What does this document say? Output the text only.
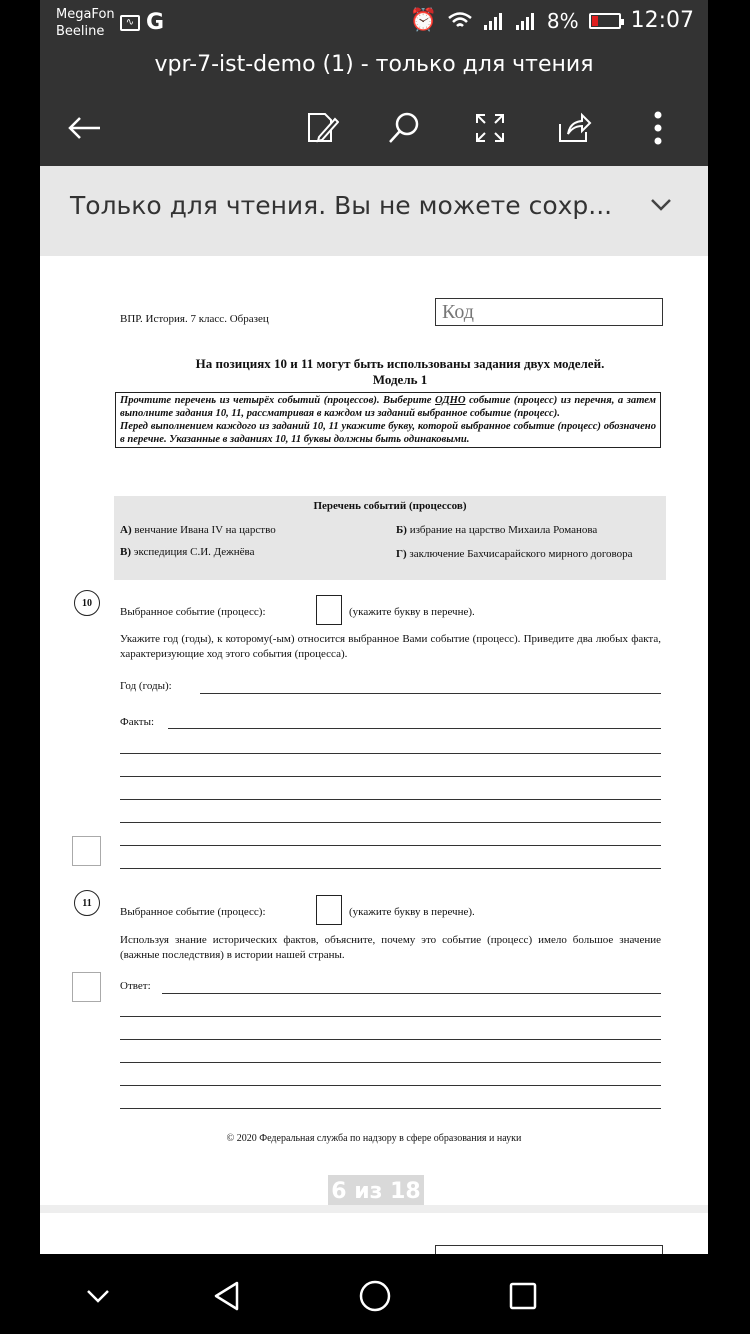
MegaFon
Beeline
∿ G	⏰	8% 12:07
vpr-7-ist-demo (1) - только для чтения
Только для чтения. Вы не можете сохр...
ВПР. История. 7 класс. Образец	Код
На позициях 10 и 11 могут быть использованы задания двух моделей.
Модель 1
Прочтите перечень из четырёх событий (процессов). Выберите ОДНО событие (процесс) из перечня, а затем выполните задания 10, 11, рассматривая в каждом из заданий выбранное событие (процесс).
Перед выполнением каждого из заданий 10, 11 укажите букву, которой выбранное событие (процесс) обозначено в перечне. Указанные в заданиях 10, 11 буквы должны быть одинаковыми.
Перечень событий (процессов)
А) венчание Ивана IV на царство	Б) избрание на царство Михаила Романова
В) экспедиция С.И. Дежнёва	Г) заключение Бахчисарайского мирного договора
10
Выбранное событие (процесс):	(укажите букву в перечне).
Укажите год (годы), к которому(-ым) относится выбранное Вами событие (процесс). Приведите два любых факта, характеризующие ход этого события (процесса).
Год (годы):
Факты:
11
Выбранное событие (процесс):	(укажите букву в перечне).
Используя знание исторических фактов, объясните, почему это событие (процесс) имело большое значение (важные последствия) в истории нашей страны.
Ответ:
© 2020 Федеральная служба по надзору в сфере образования и науки
6 из 18
